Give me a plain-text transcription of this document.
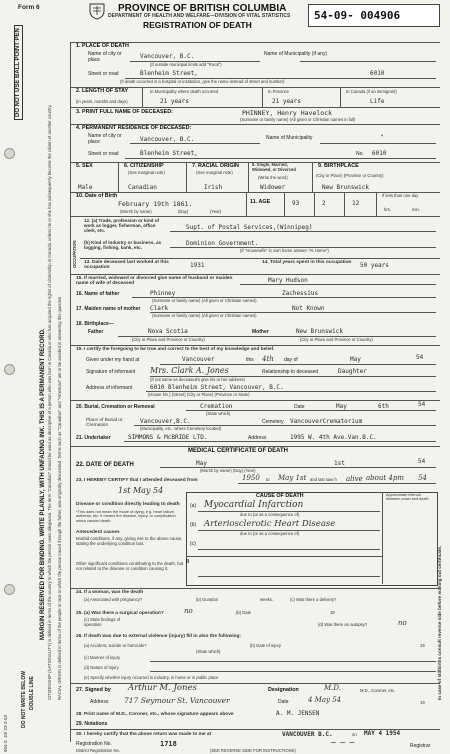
DO NOT USE BALL POINT PEN
MARGIN RESERVED FOR BINDING. WRITE PLAINLY, WITH UNFADING INK. THIS IS A PERMANENT RECORD. CITIZENSHIP (NATIONALITY) is defined in terms of the country to which the person owes allegiance. The term "Canadian" should be used as descriptive of a person who was born in Canada or who has acquired the rights of citizenship in Canada, unless he or she has subsequently become the citizen of another country. RACIAL ORIGIN is defined in terms of the people or race to which the person traced through the father, was originally descended. Terms such as "Canadian" and "American" are to be avoided in answering this question.
DO NOT WRITE BELOW DOUBLE LINE
904-3. 10/ 23-2-53
OCCUPATION
In case of stillbirths consult reverse side before making out certificate.
Form 6	PROVINCE OF BRITISH COLUMBIA
DEPARTMENT OF HEALTH AND WELFARE—DIVISION OF VITAL STATISTICS
REGISTRATION OF DEATH
54-09- 004906
1. PLACE OF DEATH
Name of city or place	Vancouver, B.C.	Name of Municipality (if any)
(If outside municipal limits add "Rural")
Street or road	Blenheim Street,	6010
(If death occurred in a hospital or institution, give the name instead of street and number)
2. LENGTH OF STAY
(in years, months and days)
In Municipality where death occurred
21 years
In Province
21 years
In Canada (if an immigrant)
Life
3. PRINT FULL NAME OF DECEASED:	PHINNEY, Henry Havelock
(Surname or family name) (All given or Christian names in full)
4. PERMANENT RESIDENCE OF DECEASED:
Name of city or place	Vancouver, B.C.	Name of Municipality	"
Street or road	Blenheim Street,	No. 6010
5. SEX	6. CITIZENSHIP
(See marginal note)
7. RACIAL ORIGIN
(See marginal note)
8. Single, Married, Widowed, or Divorced
(Write the word)
9. BIRTHPLACE
(City or Place) (Province or Country)
Male	Canadian	Irish	Widower	New Brunswick
10. Date of Birth
February 19th 1861.
(Month by name)	(Day)	(Year)
11. AGE	93	2	12
If less than one day
hrs.	min.
12. (a) Trade, profession or kind of work as logger, fisherman, office clerk, etc.	Supt. of Postal Services,(Winnipeg)
(b) Kind of industry or business, as logging, fishing, bank, etc.
Dominion Government.
(If "Housewife" in own home answer "At Home")
13. Date deceased last worked at this occupation	1931	14. Total years spent in this occupation 50 years
15. If married, widowed or divorced give name of husband or maiden name of wife of deceased	Mary Hudson
16. Name of father	Phinney	Zachessius
(Surname or family name) (All given or Christian names)
17. Maiden name of mother Clark	Not Known
(Surname or family name) (All given or Christian names)
18. Birthplace—
Father	Nova Scotia	Mother	New Brunswick
(City or Place and Province or Country)	(City or Place and Province or Country)
19. I certify the foregoing to be true and correct to the best of my knowledge and belief.
Given under my hand at	Vancouver	this 4th day of	May	54
Signature of informant Mrs. Clark A. Jones	Relationship to deceased	Daughter
(If not same as deceased's give his or her address)
Address of informant	6010 Blenheim Street, Vancouver, B.C.
(House No.) (Street) (City or Place) (Province or State)
20. Burial, Cremation or Removal	Cremation
(State which)
Date	May	6th	54
Place of Burial or Cremation
Vancouver,B.C.	Cemetery VancouverCrematorium
(Municipality, etc., where Cemetery located)
21. Undertaker	SIMMONS & McBRIDE LTD.	Address	1995 W. 4th Ave.Van.B.C.
MEDICAL CERTIFICATE OF DEATH
22. DATE OF DEATH	May	1st	54
(Month by name) (Day) (Year)
23. I HEREBY CERTIFY that I attended deceased from	1950 to May 1st and last saw h alive about 4pm 54
1st May 54
CAUSE OF DEATH	Approximate interval between onset and death
Disease or condition directly leading to death
*This does not mean the mode of dying, e.g. heart failure, asthenia, etc. It means the disease, injury, or complication which caused death.
(a) Myocardial Infarction
due to (or as a consequence of)
Antecedent causes
Morbid conditions, if any, giving rise to the above cause, stating the underlying condition last.
(b) Arteriosclerotic Heart Disease
due to (or as a consequence of)
(c)
II
Other significant conditions contributing to the death, but not related to the disease or condition causing it.
24. If a woman, was the death
(a) Associated with pregnancy?	(b) Duration	weeks.	(c) Was there a delivery?
25. (a) Was there a surgical operation?	no	(b) Date	19
(c) State findings of operation	(d) Was there an autopsy?	no
26. If death was due to external violence (injury) fill in also the following:
(a) Accident, suicide or homicide?
(State which)
(b) Date of injury	19
(c) Manner of injury
(d) Nature of injury
(e) Specify whether injury occurred in industry, in home or in public place
27. Signed by Arthur M. Jones	Designation	M.D.	M.D., Coroner, etc.
Address 717 Seymour St. Vancouver	Date	4 May 54	19
28. Print name of M.D., Coroner, etc., whose signature appears above	A. M. JENSEN
29. Notations
30. I hereby certify that the above return was made to me at	VANCOUVER B.C.	on MAY 4 1954
Registration No.	1718	~ ~ ~	Registrar
District Registration No.	(SEE REVERSE SIDE FOR INSTRUCTIONS)
